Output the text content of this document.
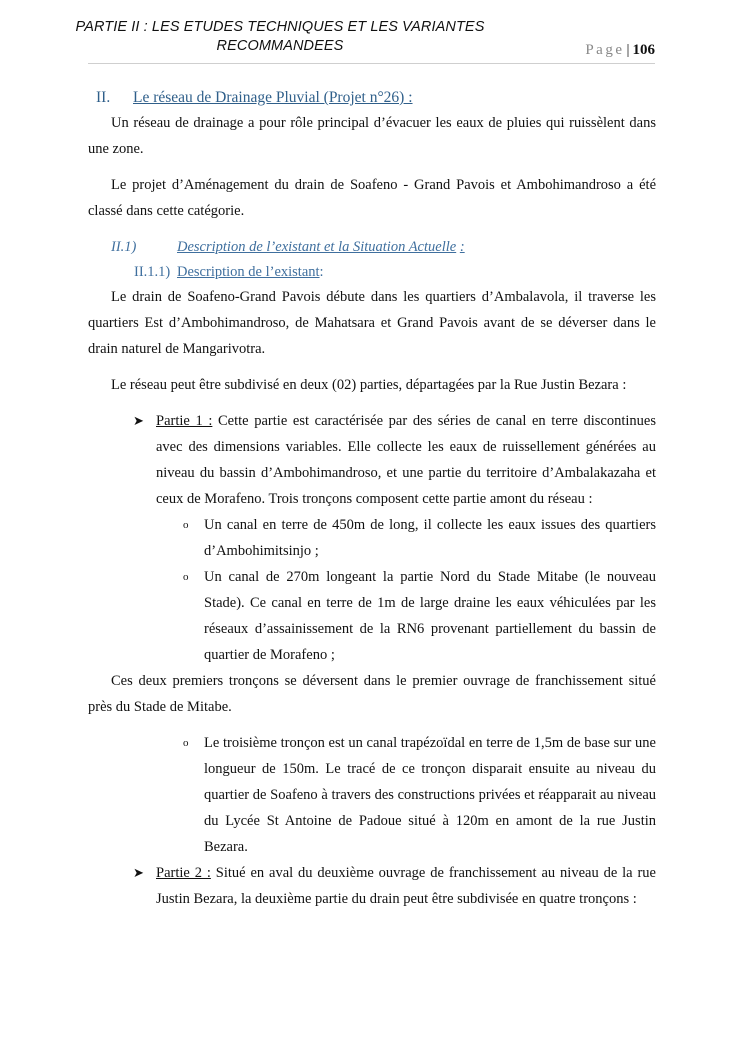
PARTIE II : LES ETUDES TECHNIQUES ET LES VARIANTES
RECOMMANDEES	Page | 106
II. Le réseau de Drainage Pluvial (Projet n°26) :

Un réseau de drainage a pour rôle principal d’évacuer les eaux de pluies qui ruissèlent dans une zone.

Le projet d’Aménagement du drain de Soafeno - Grand Pavois et Ambohimandroso a été classé dans cette catégorie.

II.1)	Description de l’existant et la Situation Actuelle :
II.1.1) Description de l’existant:

Le drain de Soafeno-Grand Pavois débute dans les quartiers d’Ambalavola, il traverse les quartiers Est d’Ambohimandroso, de Mahatsara et Grand Pavois avant de se déverser dans le drain naturel de Mangarivotra.

Le réseau peut être subdivisé en deux (02) parties, départagées par la Rue Justin Bezara :

➤ Partie 1 : Cette partie est caractérisée par des séries de canal en terre discontinues avec des dimensions variables. Elle collecte les eaux de ruissellement générées au niveau du bassin d’Ambohimandroso, et une partie du territoire d’Ambalakazaha et ceux de Morafeno. Trois tronçons composent cette partie amont du réseau :
o Un canal en terre de 450m de long, il collecte les eaux issues des quartiers d’Ambohimitsinjo ;
o Un canal de 270m longeant la partie Nord du Stade Mitabe (le nouveau Stade). Ce canal en terre de 1m de large draine les eaux véhiculées par les réseaux d’assainissement de la RN6 provenant partiellement du bassin de quartier de Morafeno ;

Ces deux premiers tronçons se déversent dans le premier ouvrage de franchissement situé près du Stade de Mitabe.

o Le troisième tronçon est un canal trapézoïdal en terre de 1,5m de base sur une longueur de 150m. Le tracé de ce tronçon disparait ensuite au niveau du quartier de Soafeno à travers des constructions privées et réapparait au niveau du Lycée St Antoine de Padoue situé à 120m en amont de la rue Justin Bezara.
➤ Partie 2 : Situé en aval du deuxième ouvrage de franchissement au niveau de la rue Justin Bezara, la deuxième partie du drain peut être subdivisée en quatre tronçons :
